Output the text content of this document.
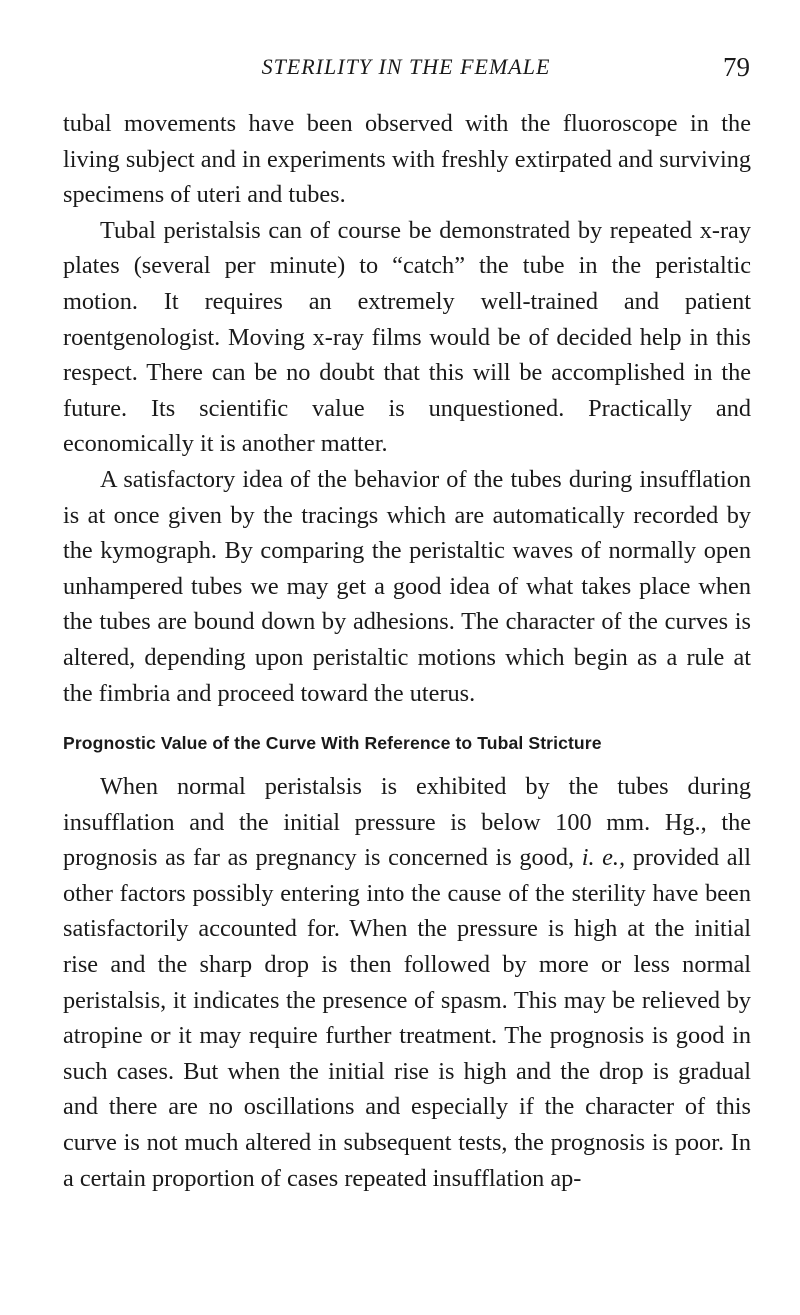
STERILITY IN THE FEMALE	79

tubal movements have been observed with the fluoroscope in the living subject and in experiments with freshly extirpated and surviving specimens of uteri and tubes.

Tubal peristalsis can of course be demonstrated by repeated x-ray plates (several per minute) to “catch” the tube in the peristaltic motion. It requires an extremely well-trained and patient roentgenologist. Moving x-ray films would be of decided help in this respect. There can be no doubt that this will be accomplished in the future. Its scientific value is unquestioned. Practically and economically it is another matter.

A satisfactory idea of the behavior of the tubes during insufflation is at once given by the tracings which are automatically recorded by the kymograph. By comparing the peristaltic waves of normally open unhampered tubes we may get a good idea of what takes place when the tubes are bound down by adhesions. The character of the curves is altered, depending upon peristaltic motions which begin as a rule at the fimbria and proceed toward the uterus.

Prognostic Value of the Curve With Reference to Tubal Stricture

When normal peristalsis is exhibited by the tubes during insufflation and the initial pressure is below 100 mm. Hg., the prognosis as far as pregnancy is concerned is good, i. e., provided all other factors possibly entering into the cause of the sterility have been satisfactorily accounted for. When the pressure is high at the initial rise and the sharp drop is then followed by more or less normal peristalsis, it indicates the presence of spasm. This may be relieved by atropine or it may require further treatment. The prognosis is good in such cases. But when the initial rise is high and the drop is gradual and there are no oscillations and especially if the character of this curve is not much altered in subsequent tests, the prognosis is poor. In a certain proportion of cases repeated insufflation ap-
